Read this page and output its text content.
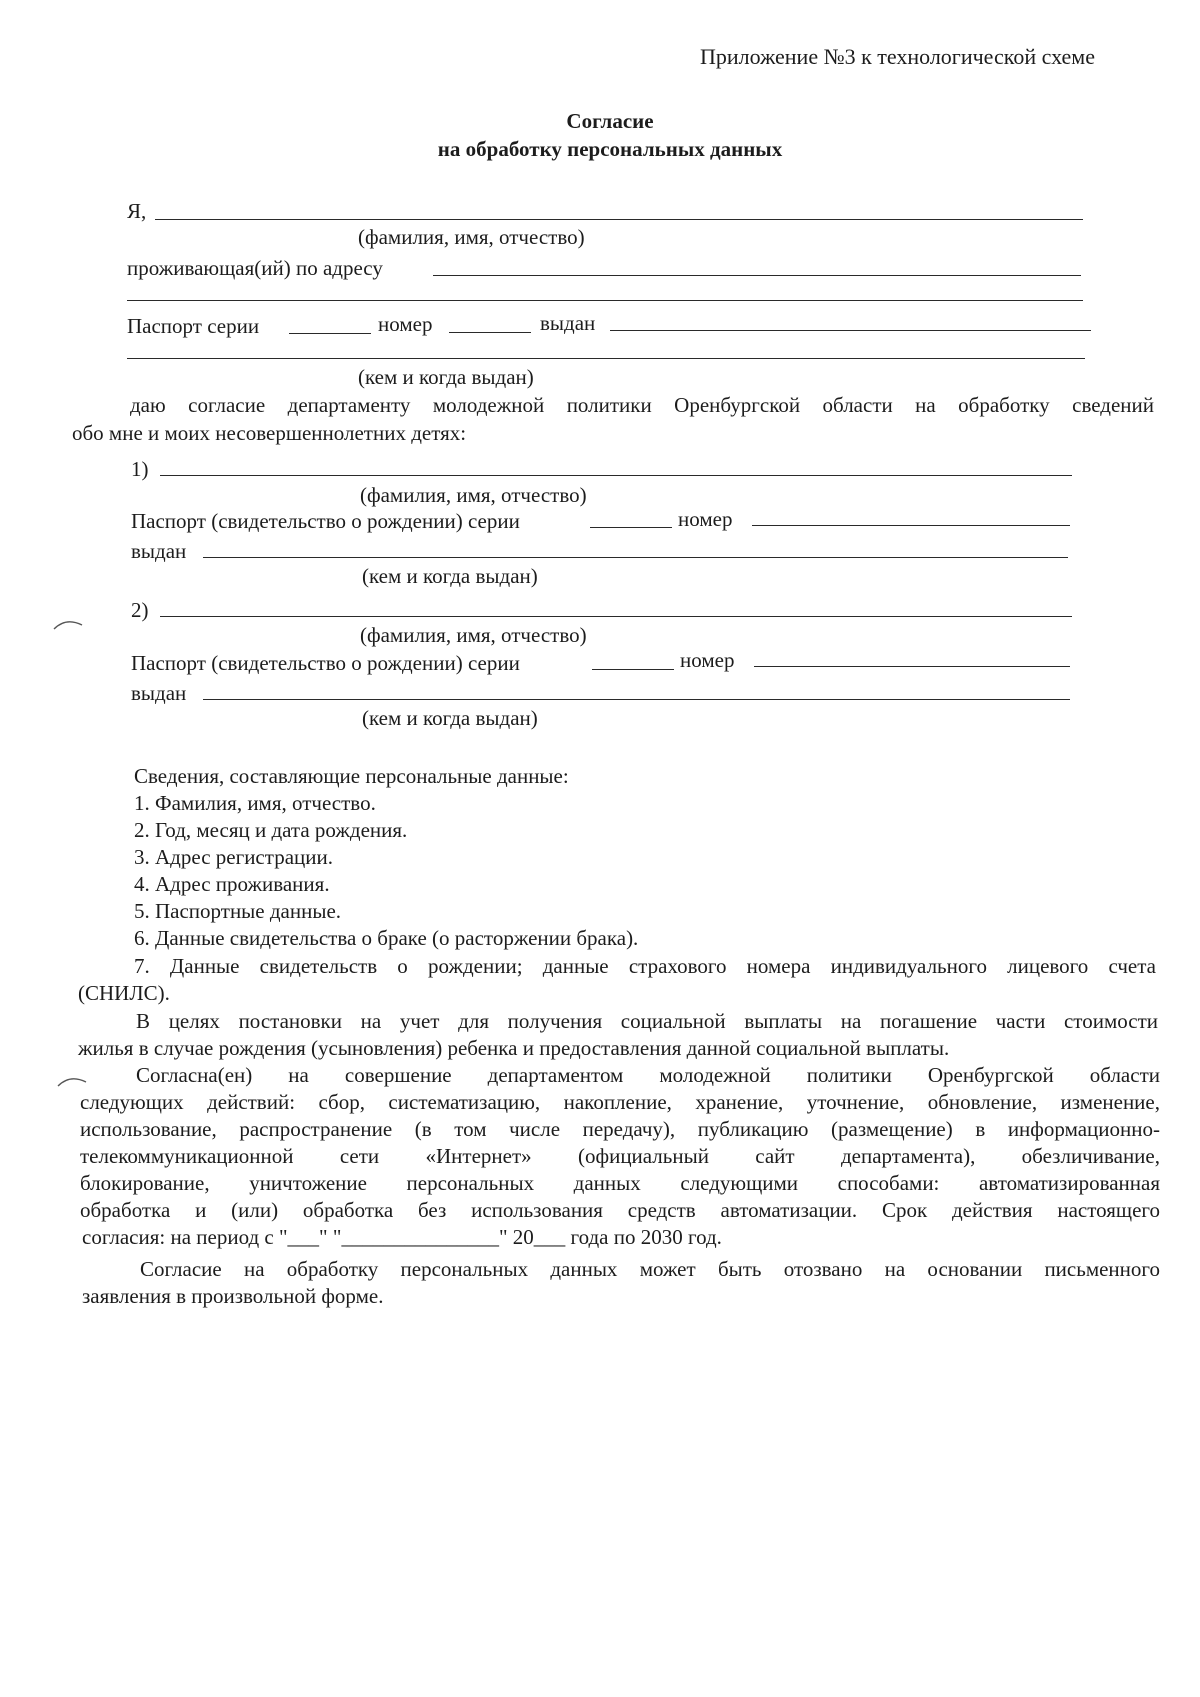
Приложение №3 к технологической схеме
Согласие
на обработку персональных данных
Я,
(фамилия, имя, отчество)
проживающая(ий) по адресу
Паспорт серии	номер	выдан
(кем и когда выдан)
даю согласие департаменту молодежной политики Оренбургской области на обработку сведений
обо мне и моих несовершеннолетних детях:
1)
(фамилия, имя, отчество)
Паспорт (свидетельство о рождении) серии	номер
выдан
(кем и когда выдан)
2)
(фамилия, имя, отчество)
Паспорт (свидетельство о рождении) серии	номер
выдан
(кем и когда выдан)
Сведения, составляющие персональные данные:
1. Фамилия, имя, отчество.
2. Год, месяц и дата рождения.
3. Адрес регистрации.
4. Адрес проживания.
5. Паспортные данные.
6. Данные свидетельства о браке (о расторжении брака).
7. Данные свидетельств о рождении; данные страхового номера индивидуального лицевого счета
(СНИЛС).
В целях постановки на учет для получения социальной выплаты на погашение части стоимости
жилья в случае рождения (усыновления) ребенка и предоставления данной социальной выплаты.
Согласна(ен) на совершение департаментом молодежной политики Оренбургской области
следующих действий: сбор, систематизацию, накопление, хранение, уточнение, обновление, изменение,
использование, распространение (в том числе передачу), публикацию (размещение) в информационно-
телекоммуникационной сети «Интернет» (официальный сайт департамента), обезличивание,
блокирование, уничтожение персональных данных следующими способами: автоматизированная
обработка и (или) обработка без использования средств автоматизации. Срок действия настоящего
согласия: на период с "___" "_______________" 20___ года по 2030 год.
Согласие на обработку персональных данных может быть отозвано на основании письменного
заявления в произвольной форме.
